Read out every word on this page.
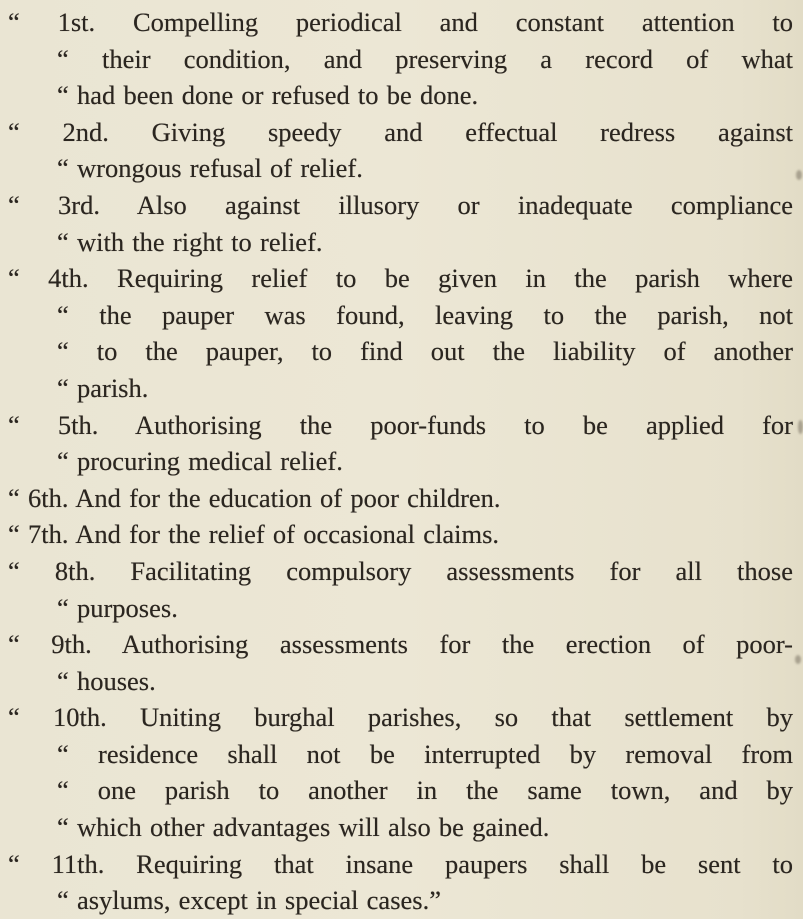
“ 1st. Compelling periodical and constant attention to
“ their condition, and preserving a record of what
“ had been done or refused to be done.
“ 2nd. Giving speedy and effectual redress against
“ wrongous refusal of relief.
“ 3rd. Also against illusory or inadequate compliance
“ with the right to relief.
“ 4th. Requiring relief to be given in the parish where
“ the pauper was found, leaving to the parish, not
“ to the pauper, to find out the liability of another
“ parish.
“ 5th. Authorising the poor-funds to be applied for
“ procuring medical relief.
“ 6th. And for the education of poor children.
“ 7th. And for the relief of occasional claims.
“ 8th. Facilitating compulsory assessments for all those
“ purposes.
“ 9th. Authorising assessments for the erection of poor-
“ houses.
“ 10th. Uniting burghal parishes, so that settlement by
“ residence shall not be interrupted by removal from
“ one parish to another in the same town, and by
“ which other advantages will also be gained.
“ 11th. Requiring that insane paupers shall be sent to
“ asylums, except in special cases.”
